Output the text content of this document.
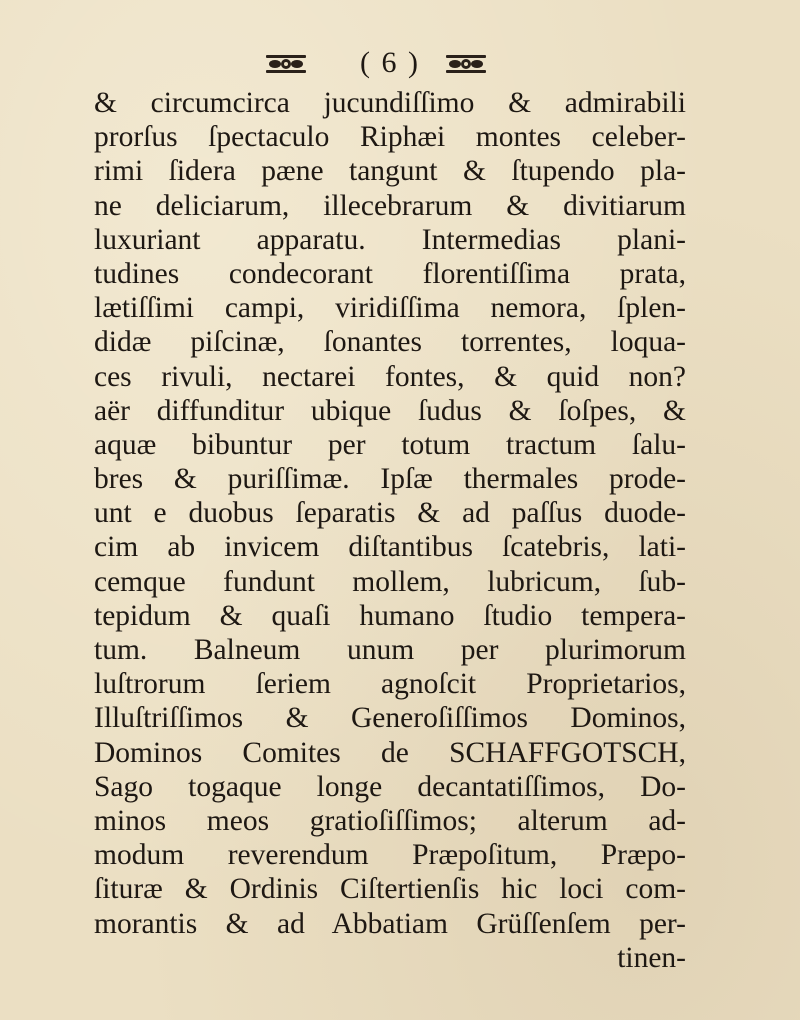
( 6 )
& circumcirca jucundiſſimo & admirabili
prorſus ſpectaculo Riphæi montes celeber-
rimi ſidera pæne tangunt & ſtupendo pla-
ne deliciarum, illecebrarum & divitiarum
luxuriant apparatu. Intermedias plani-
tudines condecorant florentiſſima prata,
lætiſſimi campi, viridiſſima nemora, ſplen-
didæ piſcinæ, ſonantes torrentes, loqua-
ces rivuli, nectarei fontes, & quid non?
aër diffunditur ubique ſudus & ſoſpes, &
aquæ bibuntur per totum tractum ſalu-
bres & puriſſimæ. Ipſæ thermales prode-
unt e duobus ſeparatis & ad paſſus duode-
cim ab invicem diſtantibus ſcatebris, lati-
cemque fundunt mollem, lubricum, ſub-
tepidum & quaſi humano ſtudio tempera-
tum. Balneum unum per plurimorum
luſtrorum ſeriem agnoſcit Proprietarios,
Illuſtriſſimos & Generoſiſſimos Dominos,
Dominos Comites de SCHAFFGOTSCH,
Sago togaque longe decantatiſſimos, Do-
minos meos gratioſiſſimos; alterum ad-
modum reverendum Præpoſitum, Præpo-
ſituræ & Ordinis Ciſtertienſis hic loci com-
morantis & ad Abbatiam Grüſſenſem per-
tinen-
